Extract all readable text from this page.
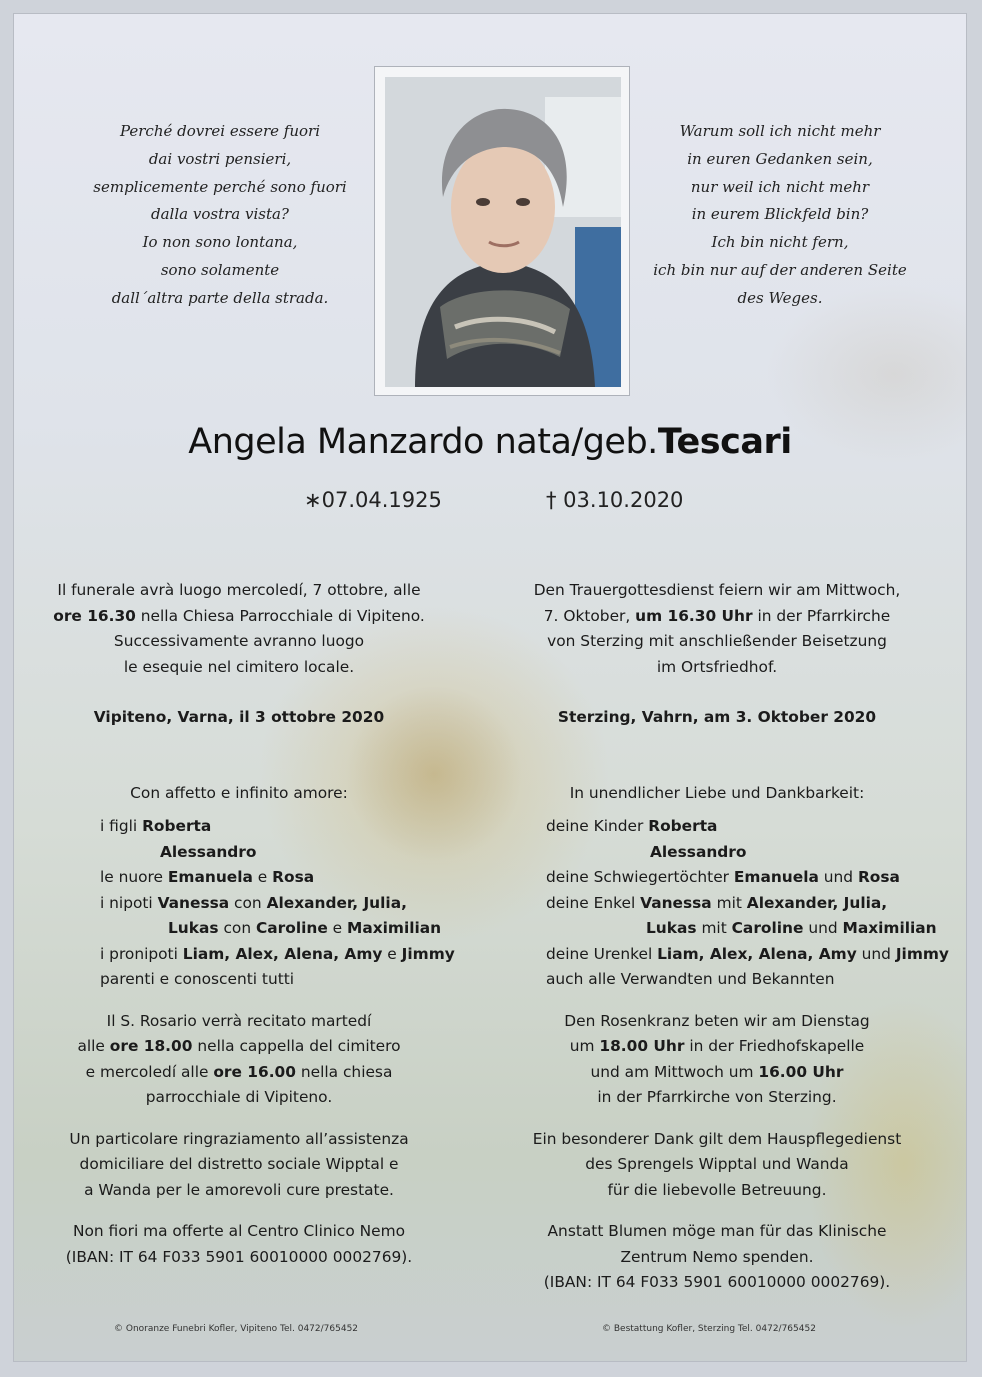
Perché dovrei essere fuori
dai vostri pensieri,
semplicemente perché sono fuori
dalla vostra vista?
Io non sono lontana,
sono solamente
dall´altra parte della strada.
Warum soll ich nicht mehr
in euren Gedanken sein,
nur weil ich nicht mehr
in eurem Blickfeld bin?
Ich bin nicht fern,
ich bin nur auf der anderen Seite
des Weges.
Angela Manzardo nata/geb.Tescari
∗07.04.1925	† 03.10.2020
Il funerale avrà luogo mercoledí, 7 ottobre, alle
ore 16.30 nella Chiesa Parrocchiale di Vipiteno.
Successivamente avranno luogo
le esequie nel cimitero locale.
Vipiteno, Varna, il 3 ottobre 2020
Con affetto e infinito amore:
i figli Roberta
Alessandro
le nuore Emanuela e Rosa
i nipoti Vanessa con Alexander, Julia,
Lukas con Caroline e Maximilian
i pronipoti Liam, Alex, Alena, Amy e Jimmy
parenti e conoscenti tutti
Il S. Rosario verrà recitato martedí
alle ore 18.00 nella cappella del cimitero
e mercoledí alle ore 16.00 nella chiesa
parrocchiale di Vipiteno.
Un particolare ringraziamento all’assistenza
domiciliare del distretto sociale Wipptal e
a Wanda per le amorevoli cure prestate.
Non fiori ma offerte al Centro Clinico Nemo
(IBAN: IT 64 F033 5901 60010000 0002769).
Den Trauergottesdienst feiern wir am Mittwoch,
7. Oktober, um 16.30 Uhr in der Pfarrkirche
von Sterzing mit anschließender Beisetzung
im Ortsfriedhof.
Sterzing, Vahrn, am 3. Oktober 2020
In unendlicher Liebe und Dankbarkeit:
deine Kinder Roberta
Alessandro
deine Schwiegertöchter Emanuela und Rosa
deine Enkel Vanessa mit Alexander, Julia,
Lukas mit Caroline und Maximilian
deine Urenkel Liam, Alex, Alena, Amy und Jimmy
auch alle Verwandten und Bekannten
Den Rosenkranz beten wir am Dienstag
um 18.00 Uhr in der Friedhofskapelle
und am Mittwoch um 16.00 Uhr
in der Pfarrkirche von Sterzing.
Ein besonderer Dank gilt dem Hauspflegedienst
des Sprengels Wipptal und Wanda
für die liebevolle Betreuung.
Anstatt Blumen möge man für das Klinische
Zentrum Nemo spenden.
(IBAN: IT 64 F033 5901 60010000 0002769).
© Onoranze Funebri Kofler, Vipiteno Tel. 0472/765452	© Bestattung Kofler, Sterzing Tel. 0472/765452
